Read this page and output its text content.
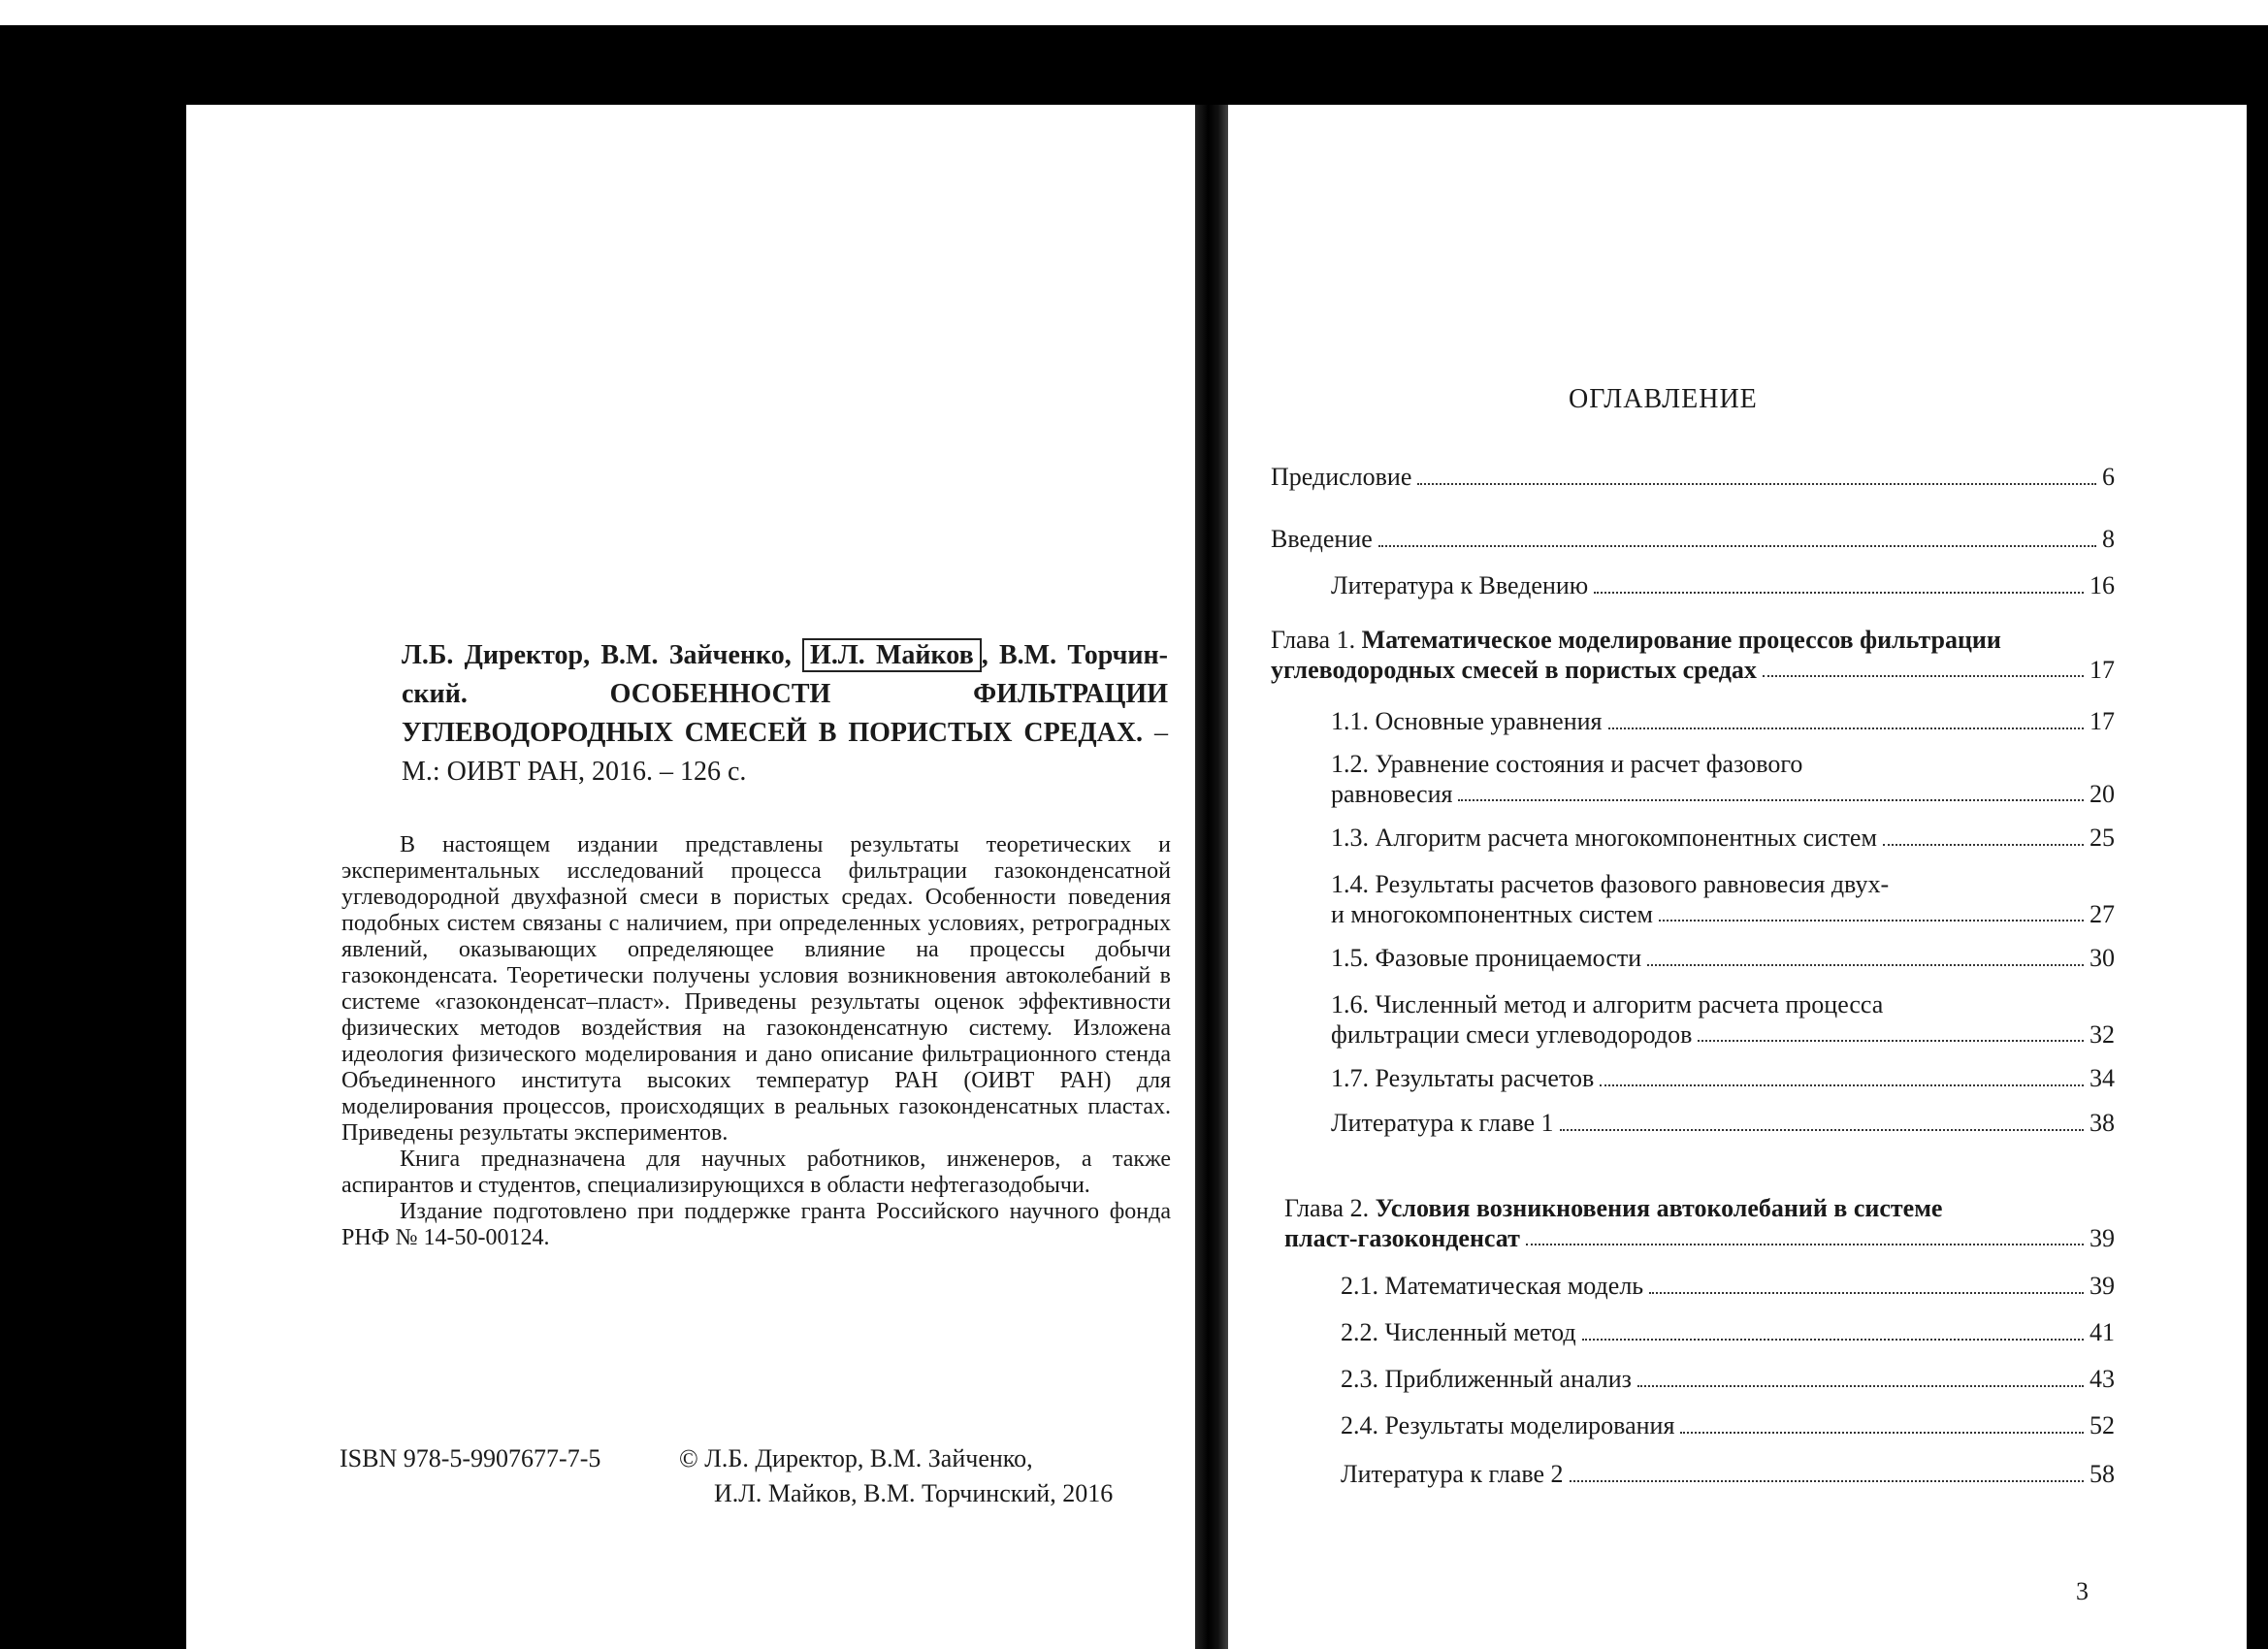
Л.Б. Директор, В.М. Зайченко, И.Л. Майков , В.М. Торчин-ский.	ОСОБЕННОСТИ ФИЛЬТРАЦИИ УГЛЕВОДОРОДНЫХ СМЕСЕЙ В ПОРИСТЫХ СРЕДАХ. – М.: ОИВТ РАН, 2016. – 126 с.

В настоящем издании представлены результаты теоретических и экспериментальных исследований процесса фильтрации газоконденсатной углеводородной двухфазной смеси в пористых средах. Особенности поведения подобных систем связаны с наличием, при определенных условиях, ретроградных явлений, оказывающих определяющее влияние на процессы добычи газоконденсата. Теоретически получены условия возникновения автоколебаний в системе «газоконденсат–пласт». Приведены результаты оценок эффективности физических методов воздействия на газоконденсатную систему. Изложена идеология физического моделирования и дано описание фильтрационного стенда Объединенного института высоких температур РАН (ОИВТ РАН) для моделирования процессов, происходящих в реальных газоконденсатных пластах. Приведены результаты экспериментов.

Книга предназначена для научных работников, инженеров, а также аспирантов и студентов, специализирующихся в области нефтегазодобычи.

Издание подготовлено при поддержке гранта Российского научного фонда РНФ № 14-50-00124.

ISBN 978-5-9907677-7-5	© Л.Б. Директор, В.М. Зайченко,
И.Л. Майков, В.М. Торчинский, 2016
ОГЛАВЛЕНИЕ
Предисловие	6
Введение	8
Литература к Введению	16
Глава 1. Математическое моделирование процессов фильтрации
углеводородных смесей в пористых средах	17
1.1. Основные уравнения	17
1.2. Уравнение состояния и расчет фазового
равновесия	20
1.3. Алгоритм расчета многокомпонентных систем	25
1.4. Результаты расчетов фазового равновесия двух-
и многокомпонентных систем	27
1.5. Фазовые проницаемости	30
1.6. Численный метод и алгоритм расчета процесса
фильтрации смеси углеводородов	32
1.7. Результаты расчетов	34
Литература к главе 1	38
Глава 2. Условия возникновения автоколебаний в системе
пласт-газоконденсат	39
2.1. Математическая модель	39
2.2. Численный метод	41
2.3. Приближенный анализ	43
2.4. Результаты моделирования	52
Литература к главе 2	58
3
